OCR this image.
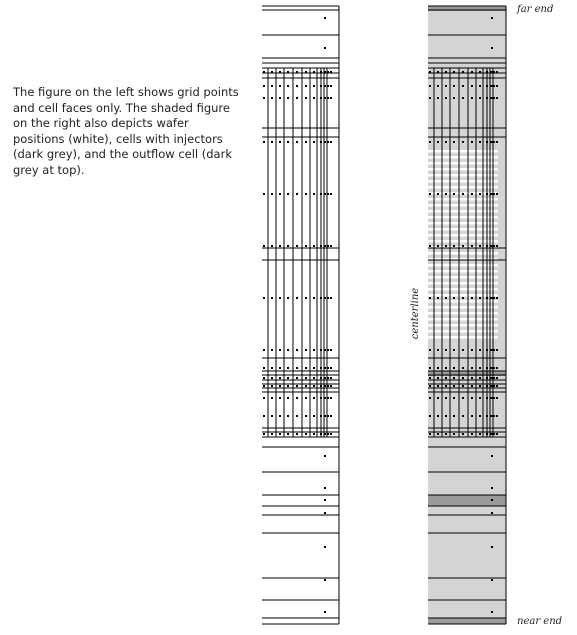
The figure on the left shows grid points and cell faces only. The shaded figure on the right also depicts wafer positions (white), cells with injectors (dark grey), and the outflow cell (dark grey at top).
far end
near end
centerline
